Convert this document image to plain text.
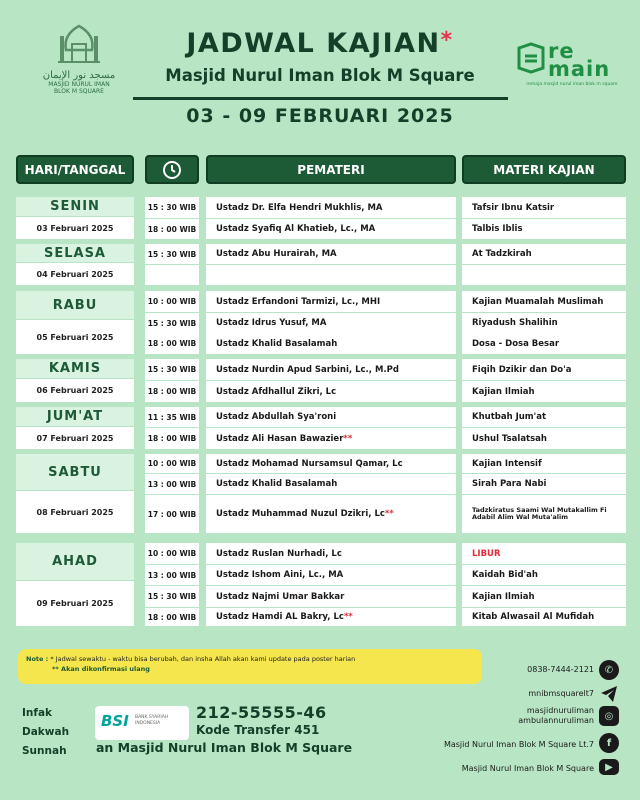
مسجد نور الإيمان
MASJID NURUL IMAN
BLOK M SQUARE
JADWAL KAJIAN*
Masjid Nurul Iman Blok M Square
03 - 09 FEBRUARI 2025
re
main
remaja masjid nurul iman blok m square
HARI/TANGGAL	PEMATERI	MATERI KAJIAN
SENIN
03 Februari 2025
15 : 30 WIB	Ustadz Dr. Elfa Hendri Mukhlis, MA	Tafsir Ibnu Katsir
18 : 00 WIB	Ustadz Syafiq Al Khatieb, Lc., MA	Talbis Iblis
SELASA
04 Februari 2025
15 : 30 WIB	Ustadz Abu Hurairah, MA	At Tadzkirah
RABU
05 Februari 2025
10 : 00 WIB	Ustadz Erfandoni Tarmizi, Lc., MHI	Kajian Muamalah Muslimah
15 : 30 WIB	Ustadz Idrus Yusuf, MA	Riyadush Shalihin
18 : 00 WIB	Ustadz Khalid Basalamah	Dosa - Dosa Besar
KAMIS
06 Februari 2025
15 : 30 WIB	Ustadz Nurdin Apud Sarbini, Lc., M.Pd	Fiqih Dzikir dan Do'a
18 : 00 WIB	Ustadz Afdhallul Zikri, Lc	Kajian Ilmiah
JUM'AT
07 Februari 2025
11 : 35 WIB	Ustadz Abdullah Sya'roni	Khutbah Jum'at
18 : 00 WIB	Ustadz Ali Hasan Bawazier **	Ushul Tsalatsah
SABTU
08 Februari 2025
10 : 00 WIB	Ustadz Mohamad Nursamsul Qamar, Lc	Kajian Intensif
13 : 00 WIB	Ustadz Khalid Basalamah	Sirah Para Nabi
17 : 00 WIB	Ustadz Muhammad Nuzul Dzikri, Lc **	Tadzkiratus Saami Wal Mutakallim Fi Adabil Alim Wal Muta'alim
AHAD
09 Februari 2025
10 : 00 WIB	Ustadz Ruslan Nurhadi, Lc	LIBUR
13 : 00 WIB	Ustadz Ishom Aini, Lc., MA	Kaidah Bid'ah
15 : 30 WIB	Ustadz Najmi Umar Bakkar	Kajian Ilmiah
18 : 00 WIB	Ustadz Hamdi AL Bakry, Lc **	Kitab Alwasail Al Mufidah
Note : * Jadwal sewaktu - waktu bisa berubah, dan insha Allah akan kami update pada poster harian
** Akan dikonfirmasi ulang
Infak
Dakwah
Sunnah
BSI BANK SYARIAH
INDONESIA
212-55555-46
Kode Transfer 451
an Masjid Nurul Iman Blok M Square
0838-7444-2121	✆
mnibmsquarelt7
masjidnuruliman
ambulannuruliman	◎
Masjid Nurul Iman Blok M Square Lt.7	f
Masjid Nurul Iman Blok M Square	▶
